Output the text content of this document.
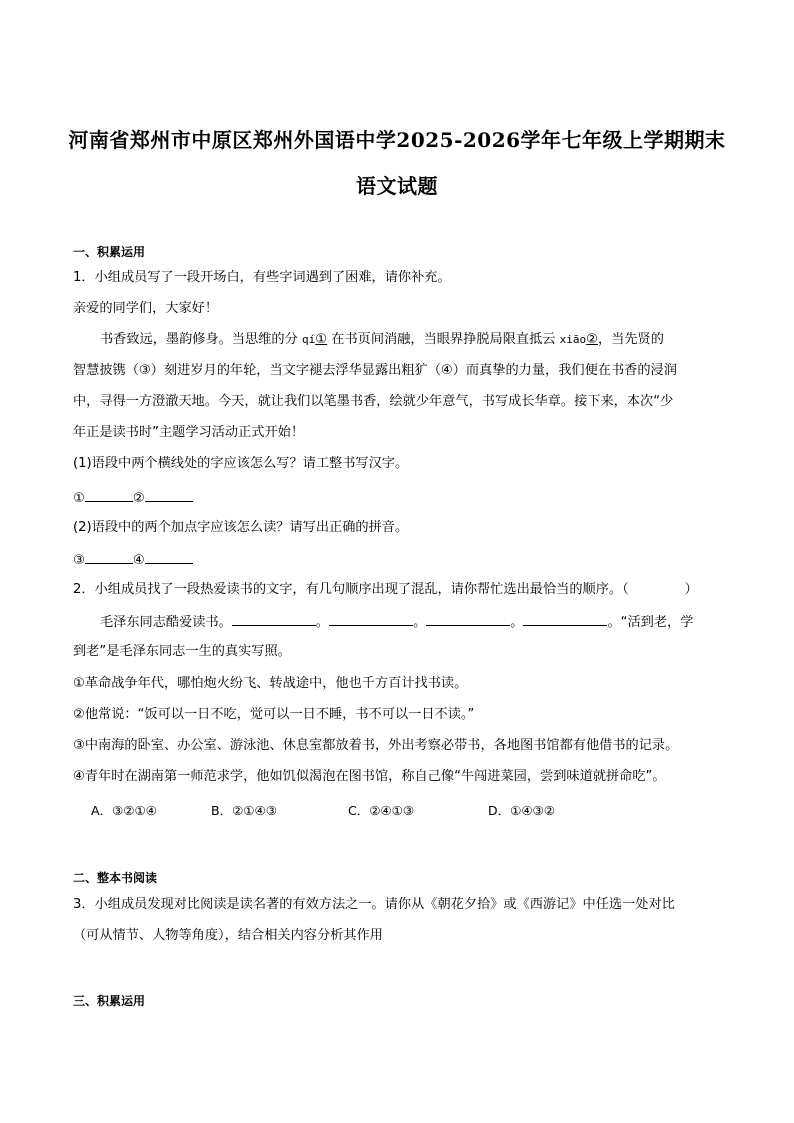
河南省郑州市中原区郑州外国语中学2025-2026学年七年级上学期期末
语文试题
一、积累运用
1．小组成员写了一段开场白，有些字词遇到了困难，请你补充。
亲爱的同学们，大家好！
书香致远，墨韵修身。当思维的分 qí① 在书页间消融，当眼界挣脱局限直抵云 xiāo②，当先贤的
智慧披镌（③）刻进岁月的年轮，当文字褪去浮华显露出粗犷（④）而真挚的力量，我们便在书香的浸润
中，寻得一方澄澈天地。今天，就让我们以笔墨书香，绘就少年意气，书写成长华章。接下来，本次“少
年正是读书时”主题学习活动正式开始！
(1)语段中两个横线处的字应该怎么写？请工整书写汉字。
①	②
(2)语段中的两个加点字应该怎么读？请写出正确的拼音。
③	④
2．小组成员找了一段热爱读书的文字，有几句顺序出现了混乱，请你帮忙选出最恰当的顺序。（	）
毛泽东同志酷爱读书。	。	。	。	。“活到老，学
到老”是毛泽东同志一生的真实写照。
①革命战争年代，哪怕炮火纷飞、转战途中，他也千方百计找书读。
②他常说：“饭可以一日不吃，觉可以一日不睡，书不可以一日不读。”
③中南海的卧室、办公室、游泳池、休息室都放着书，外出考察必带书，各地图书馆都有他借书的记录。
④青年时在湖南第一师范求学，他如饥似渴泡在图书馆，称自己像“牛闯进菜园，尝到味道就拼命吃”。
A．③②①④	B．②①④③	C．②④①③	D．①④③②
二、整本书阅读
3．小组成员发现对比阅读是读名著的有效方法之一。请你从《朝花夕拾》或《西游记》中任选一处对比
（可从情节、人物等角度），结合相关内容分析其作用
三、积累运用
